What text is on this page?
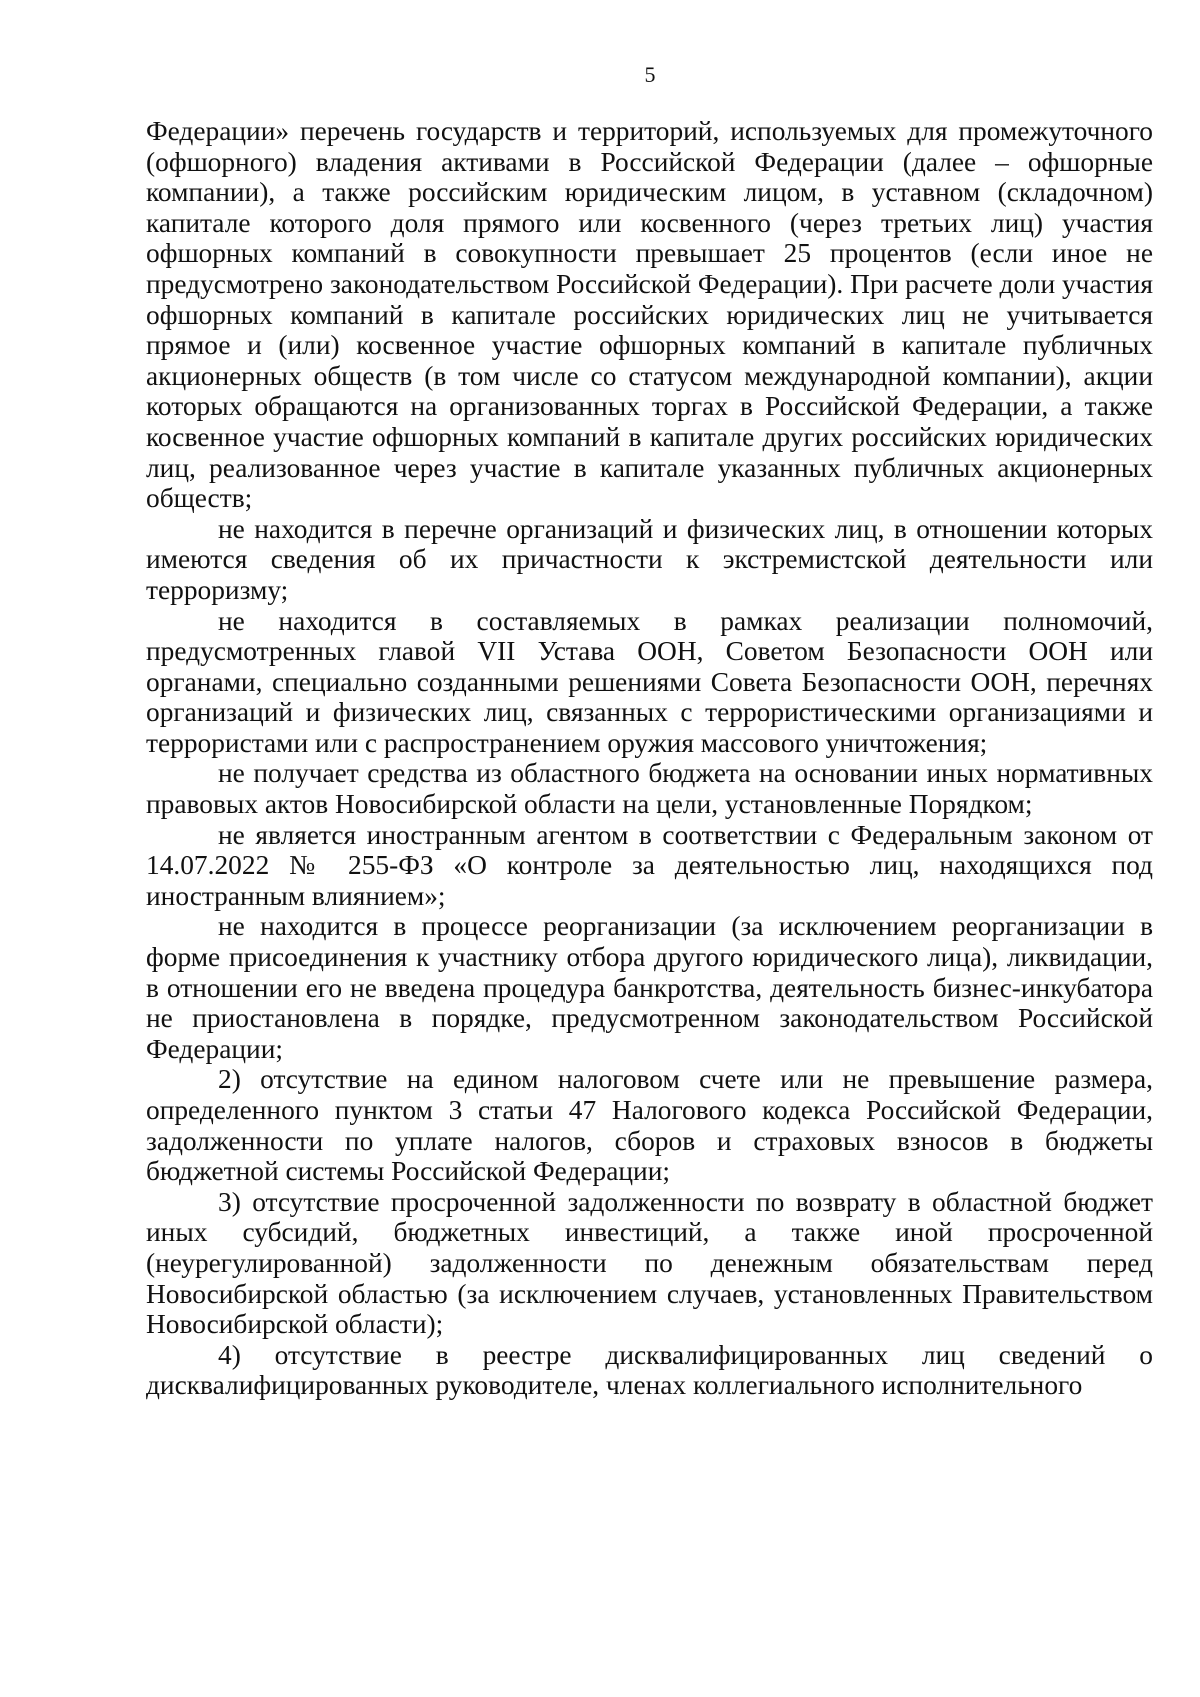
5

Федерации» перечень государств и территорий, используемых для промежуточного (офшорного) владения активами в Российской Федерации (далее – офшорные компании), а также российским юридическим лицом, в уставном (складочном) капитале которого доля прямого или косвенного (через третьих лиц) участия офшорных компаний в совокупности превышает 25 процентов (если иное не предусмотрено законодательством Российской Федерации). При расчете доли участия офшорных компаний в капитале российских юридических лиц не учитывается прямое и (или) косвенное участие офшорных компаний в капитале публичных акционерных обществ (в том числе со статусом международной компании), акции которых обращаются на организованных торгах в Российской Федерации, а также косвенное участие офшорных компаний в капитале других российских юридических лиц, реализованное через участие в капитале указанных публичных акционерных обществ;

не находится в перечне организаций и физических лиц, в отношении которых имеются сведения об их причастности к экстремистской деятельности или терроризму;

не находится в составляемых в рамках реализации полномочий, предусмотренных главой VII Устава ООН, Советом Безопасности ООН или органами, специально созданными решениями Совета Безопасности ООН, перечнях организаций и физических лиц, связанных с террористическими организациями и террористами или с распространением оружия массового уничтожения;

не получает средства из областного бюджета на основании иных нормативных правовых актов Новосибирской области на цели, установленные Порядком;

не является иностранным агентом в соответствии с Федеральным законом от 14.07.2022 № 255-ФЗ «О контроле за деятельностью лиц, находящихся под иностранным влиянием»;

не находится в процессе реорганизации (за исключением реорганизации в форме присоединения к участнику отбора другого юридического лица), ликвидации, в отношении его не введена процедура банкротства, деятельность бизнес-инкубатора не приостановлена в порядке, предусмотренном законодательством Российской Федерации;

2) отсутствие на едином налоговом счете или не превышение размера, определенного пунктом 3 статьи 47 Налогового кодекса Российской Федерации, задолженности по уплате налогов, сборов и страховых взносов в бюджеты бюджетной системы Российской Федерации;

3) отсутствие просроченной задолженности по возврату в областной бюджет иных субсидий, бюджетных инвестиций, а также иной просроченной (неурегулированной) задолженности по денежным обязательствам перед Новосибирской областью (за исключением случаев, установленных Правительством Новосибирской области);

4) отсутствие в реестре дисквалифицированных лиц сведений о дисквалифицированных руководителе, членах коллегиального исполнительного
